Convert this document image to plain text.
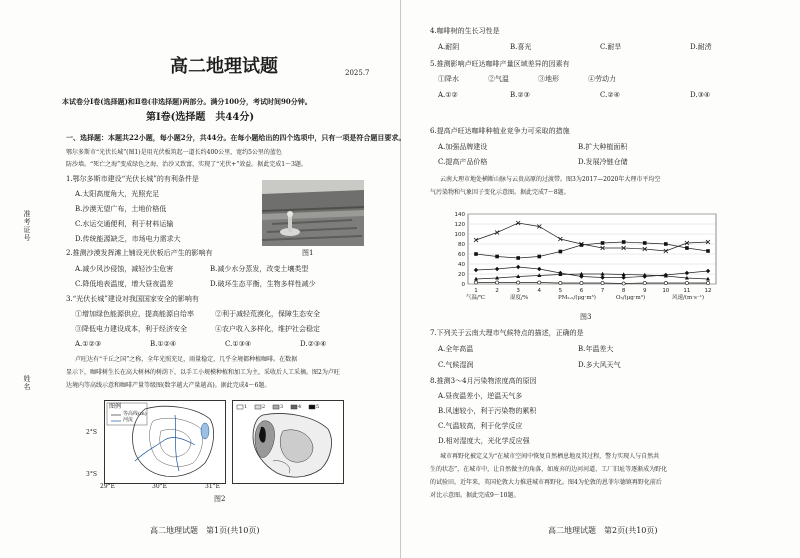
准考证号
姓名
高二地理试题	2025.7
本试卷分Ⅰ卷(选择题)和Ⅱ卷(非选择题)两部分。满分100分，考试时间90分钟。
第Ⅰ卷(选择题　共44分)
一、选择题：本题共22小题，每小题2分，共44分。在每小题给出的四个选项中，只有一项是符合题目要求。
鄂尔多斯市“光伏长城”(图1)是用光伏板筑起一道长约400公里，宽约5公里的蓝色
防沙墙。“死亡之海”变成绿色之海，治沙又致富，实现了“光伏+”效益。据此完成1～3题。
1.鄂尔多斯市建设“光伏长城”的有利条件是
A.太阳高度角大，光照充足
B.沙漠无望广布，土地价格低
C.水运交通便利，利于材料运输
D.传统能源缺乏，市场电力需求大
图1
2.推测沙漠发挥滩上铺设光伏板后产生的影响有
A.减少风沙侵蚀，减轻沙尘危害	B.减少水分蒸发，改变土壤类型
C.降低地表温度，增大昼夜温差	D.破坏生态平衡，生物多样性减少
3.“光伏长城”建设对我国国家安全的影响有
①增加绿色能源供应，提高能源自给率	②利于减轻荒漠化，保障生态安全
③降低电力建设成本，利于经济安全	④农户收入多样化，维护社会稳定
A.①②③	B.①②④	C.①③④	D.②③④
卢旺达有“千丘之国”之称，全年光照充足，雨量稳定，几乎全境都种植咖啡。在数据
显示下，咖啡树生长在高大树林的树荫下，以手工小规模种植和加工为主，采收后人工采摘。图2为卢旺
达境内等高线示意和咖啡产量等级图(数字越大产量越高)。据此完成4～6题。
图例
等高线(m)
河流
2°S
3°S
29°E	30°E	31°E
1	2	3	4	5
图2
高二地理试题　第1页(共10页)
4.咖啡树的生长习性是
A.耐阴	B.喜光	C.耐旱	D.耐涝
5.推测影响卢旺达咖啡产量区域差异的因素有
①降水	②气温	③地形	④劳动力
A.①②	B.②③	C.②④	D.③④
6.提高卢旺达咖啡种植业竞争力可采取的措施
A.加强品牌建设	B.扩大种植面积
C.提高产品价格	D.发展冷链仓储
云南大理市地处横断山脉与云贵高原的过渡带。图3为2017—2020年大理市平均空
气污染物和气象因子变化示意图。据此完成7～8题。
0
20
40
60
80
100
120
140
1	2	3	4	5	6	7	8	9	10	11	12
气温/℃	湿度/%	PM₂.₅/(μg·m³)	O₃/(μg·m³)	风速/(m·s⁻¹)
图3
7.下列关于云南大理市气候特点的描述，正确的是
A.全年高温	B.年温差大
C.气候湿润	D.多大风天气
8.推测3～4月污染物浓度高的原因
A.昼夜温差小，逆温天气多
B.风速较小，利于污染物的累积
C.气温较高，利于化学反应
D.相对湿度大，光化学反应强
城市再野化被定义为“在城市空间中恢复自然栖息地及其过程，警力实现人与自然共
生的状态”，在城市中，让自然做主的角落，如废弃的边河河道、工厂旧址等逐渐成为野化
的试验田。近年来，英国伦敦大力推进城市再野化。图4为伦敦的恩菲尔德镇再野化前后
对比示意图。据此完成9～10题。
高二地理试题　第2页(共10页)
